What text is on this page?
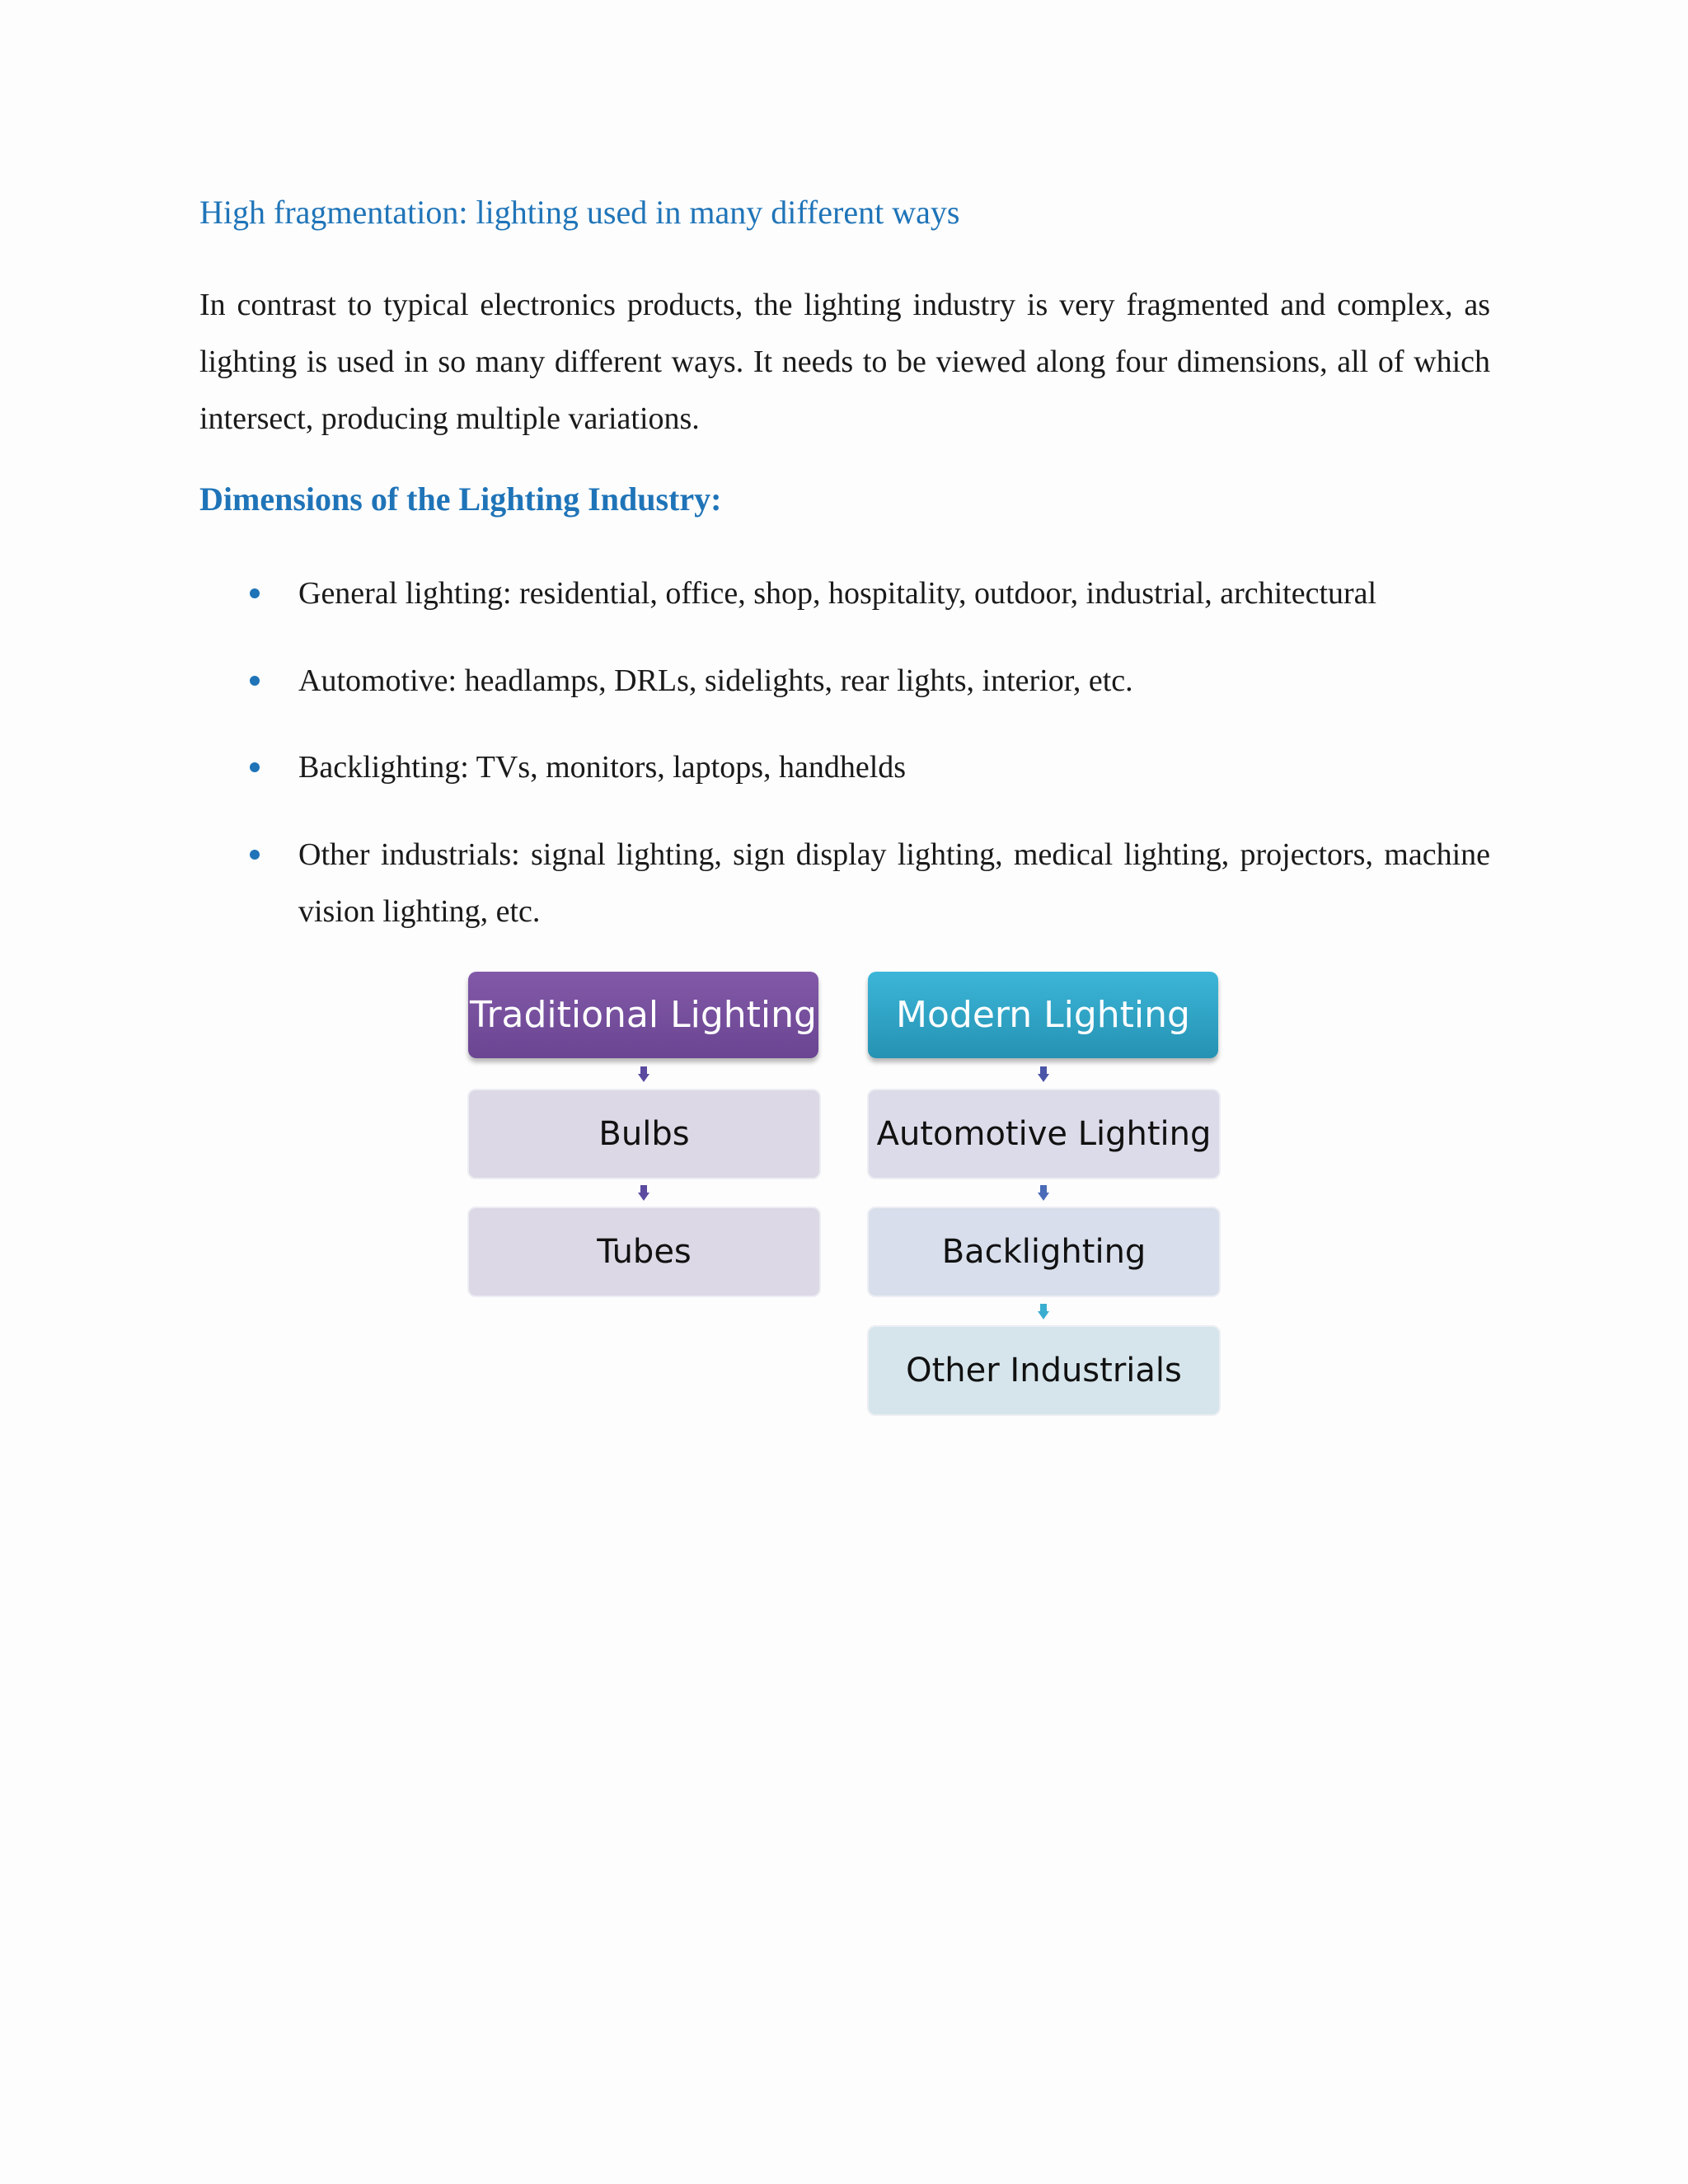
High fragmentation: lighting used in many different ways
In contrast to typical electronics products, the lighting industry is very fragmented and complex, as lighting is used in so many different ways. It needs to be viewed along four dimensions, all of which intersect, producing multiple variations.
Dimensions of the Lighting Industry:
General lighting: residential, office, shop, hospitality, outdoor, industrial, architectural
Automotive: headlamps, DRLs, sidelights, rear lights, interior, etc.
Backlighting: TVs, monitors, laptops, handhelds
Other industrials: signal lighting, sign display lighting, medical lighting, projectors, machine vision lighting, etc.
Traditional Lighting
Bulbs
Tubes
Modern Lighting
Automotive Lighting
Backlighting
Other Industrials
